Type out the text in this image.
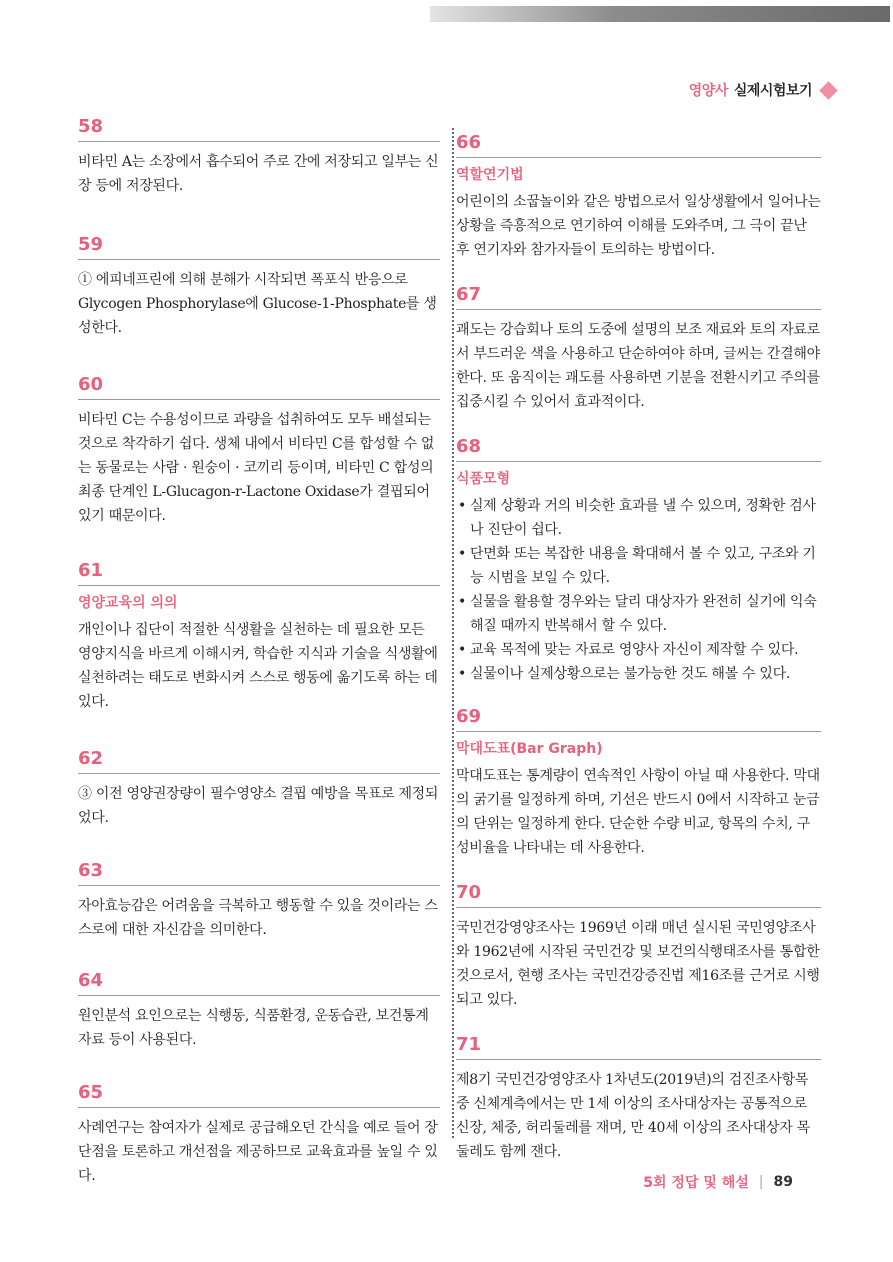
영양사 실제시험보기
58

비타민 A는 소장에서 흡수되어 주로 간에 저장되고 일부는 신장 등에 저장된다.

59

① 에피네프린에 의해 분해가 시작되면 폭포식 반응으로 Glycogen Phosphorylase에 Glucose-1-Phosphate를 생성한다.

60

비타민 C는 수용성이므로 과량을 섭취하여도 모두 배설되는 것으로 착각하기 쉽다. 생체 내에서 비타민 C를 합성할 수 없는 동물로는 사람 · 원숭이 · 코끼리 등이며, 비타민 C 합성의 최종 단계인 L-Glucagon-r-Lactone Oxidase가 결핍되어 있기 때문이다.

61
영양교육의 의의

개인이나 집단이 적절한 식생활을 실천하는 데 필요한 모든 영양지식을 바르게 이해시켜, 학습한 지식과 기술을 식생활에 실천하려는 태도로 변화시켜 스스로 행동에 옮기도록 하는 데 있다.

62

③ 이전 영양권장량이 필수영양소 결핍 예방을 목표로 제정되었다.

63

자아효능감은 어려움을 극복하고 행동할 수 있을 것이라는 스스로에 대한 자신감을 의미한다.

64

원인분석 요인으로는 식행동, 식품환경, 운동습관, 보건통계자료 등이 사용된다.

65

사례연구는 참여자가 실제로 공급해오던 간식을 예로 들어 장단점을 토론하고 개선점을 제공하므로 교육효과를 높일 수 있다.

66
역할연기법

어린이의 소꿉놀이와 같은 방법으로서 일상생활에서 일어나는 상황을 즉흥적으로 연기하여 이해를 도와주며, 그 극이 끝난 후 연기자와 참가자들이 토의하는 방법이다.

67

괘도는 강습회나 토의 도중에 설명의 보조 재료와 토의 자료로서 부드러운 색을 사용하고 단순하여야 하며, 글씨는 간결해야 한다. 또 움직이는 괘도를 사용하면 기분을 전환시키고 주의를 집중시킬 수 있어서 효과적이다.

68
식품모형
• 실제 상황과 거의 비슷한 효과를 낼 수 있으며, 정확한 검사나 진단이 쉽다.
• 단면화 또는 복잡한 내용을 확대해서 볼 수 있고, 구조와 기능 시범을 보일 수 있다.
• 실물을 활용할 경우와는 달리 대상자가 완전히 실기에 익숙해질 때까지 반복해서 할 수 있다.
• 교육 목적에 맞는 자료로 영양사 자신이 제작할 수 있다.
• 실물이나 실제상황으로는 불가능한 것도 해볼 수 있다.
69
막대도표(Bar Graph)

막대도표는 통계량이 연속적인 사항이 아닐 때 사용한다. 막대의 굵기를 일정하게 하며, 기선은 반드시 0에서 시작하고 눈금의 단위는 일정하게 한다. 단순한 수량 비교, 항목의 수치, 구성비율을 나타내는 데 사용한다.

70

국민건강영양조사는 1969년 이래 매년 실시된 국민영양조사와 1962년에 시작된 국민건강 및 보건의식행태조사를 통합한 것으로서, 현행 조사는 국민건강증진법 제16조를 근거로 시행되고 있다.

71

제8기 국민건강영양조사 1차년도(2019년)의 검진조사항목 중 신체계측에서는 만 1세 이상의 조사대상자는 공통적으로 신장, 체중, 허리둘레를 재며, 만 40세 이상의 조사대상자 목둘레도 함께 잰다.

5회 정답 및 해설 | 89
